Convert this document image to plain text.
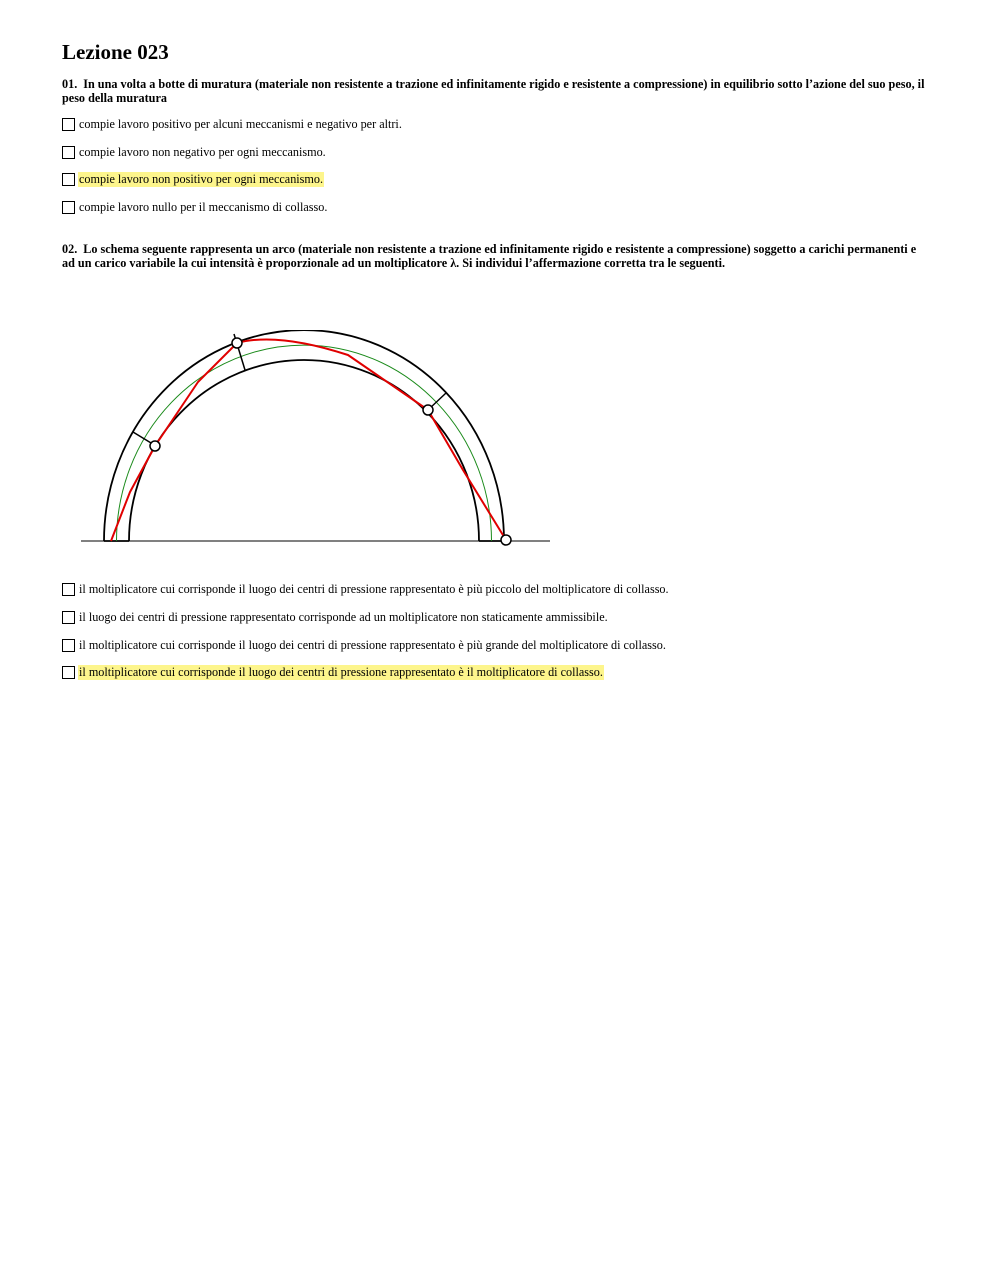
Lezione 023
01. In una volta a botte di muratura (materiale non resistente a trazione ed infinitamente rigido e resistente a compressione) in equilibrio sotto l’azione del suo peso, il peso della muratura
compie lavoro positivo per alcuni meccanismi e negativo per altri.
compie lavoro non negativo per ogni meccanismo.
compie lavoro non positivo per ogni meccanismo.
compie lavoro nullo per il meccanismo di collasso.
02. Lo schema seguente rappresenta un arco (materiale non resistente a trazione ed infinitamente rigido e resistente a compressione) soggetto a carichi permanenti e ad un carico variabile la cui intensità è proporzionale ad un moltiplicatore λ. Si individui l’affermazione corretta tra le seguenti.
il moltiplicatore cui corrisponde il luogo dei centri di pressione rappresentato è più piccolo del moltiplicatore di collasso.
il luogo dei centri di pressione rappresentato corrisponde ad un moltiplicatore non staticamente ammissibile.
il moltiplicatore cui corrisponde il luogo dei centri di pressione rappresentato è più grande del moltiplicatore di collasso.
il moltiplicatore cui corrisponde il luogo dei centri di pressione rappresentato è il moltiplicatore di collasso.
